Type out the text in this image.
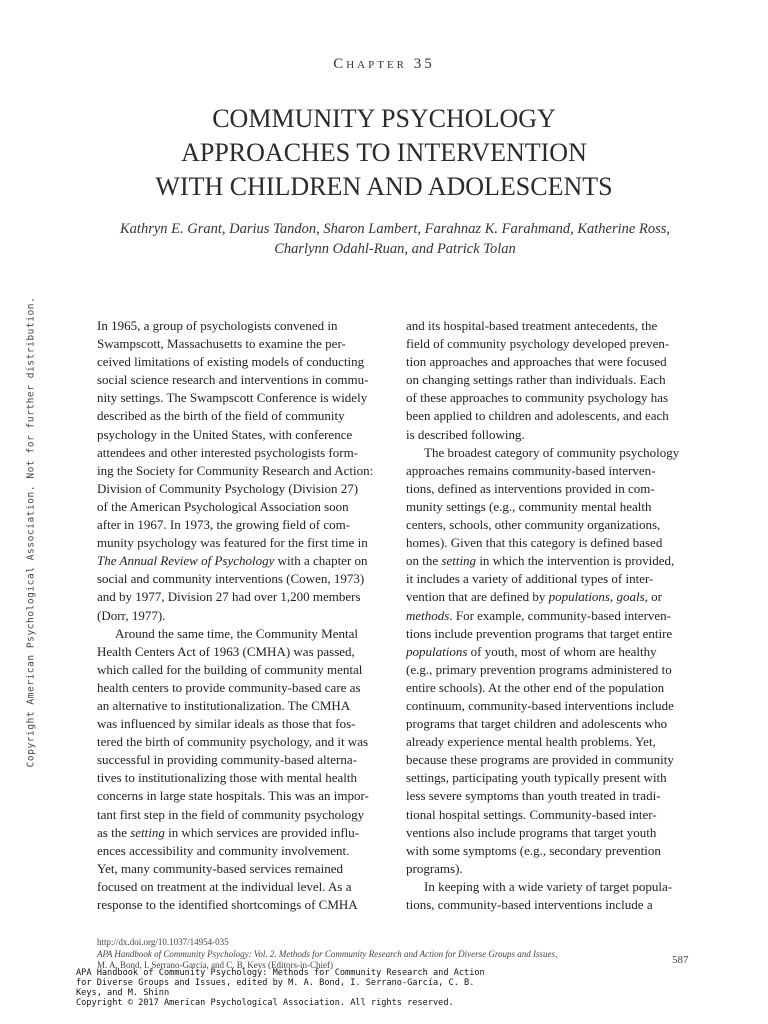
Chapter 35
COMMUNITY PSYCHOLOGY
APPROACHES TO INTERVENTION
WITH CHILDREN AND ADOLESCENTS
Kathryn E. Grant, Darius Tandon, Sharon Lambert, Farahnaz K. Farahmand, Katherine Ross,
Charlynn Odahl-Ruan, and Patrick Tolan
Copyright American Psychological Association. Not for further distribution.	In 1965, a group of psychologists convened in
Swampscott, Massachusetts to examine the per-
ceived limitations of existing models of conducting
social science research and interventions in commu-
nity settings. The Swampscott Conference is widely
described as the birth of the field of community
psychology in the United States, with conference
attendees and other interested psychologists form-
ing the Society for Community Research and Action:
Division of Community Psychology (Division 27)
of the American Psychological Association soon
after in 1967. In 1973, the growing field of com-
munity psychology was featured for the first time in
The Annual Review of Psychology with a chapter on
social and community interventions (Cowen, 1973)
and by 1977, Division 27 had over 1,200 members
(Dorr, 1977).
Around the same time, the Community Mental
Health Centers Act of 1963 (CMHA) was passed,
which called for the building of community mental
health centers to provide community-based care as
an alternative to institutionalization. The CMHA
was influenced by similar ideals as those that fos-
tered the birth of community psychology, and it was
successful in providing community-based alterna-
tives to institutionalizing those with mental health
concerns in large state hospitals. This was an impor-
tant first step in the field of community psychology
as the setting in which services are provided influ-
ences accessibility and community involvement.
Yet, many community-based services remained
focused on treatment at the individual level. As a
response to the identified shortcomings of CMHA
and its hospital-based treatment antecedents, the
field of community psychology developed preven-
tion approaches and approaches that were focused
on changing settings rather than individuals. Each
of these approaches to community psychology has
been applied to children and adolescents, and each
is described following.
The broadest category of community psychology
approaches remains community-based interven-
tions, defined as interventions provided in com-
munity settings (e.g., community mental health
centers, schools, other community organizations,
homes). Given that this category is defined based
on the setting in which the intervention is provided,
it includes a variety of additional types of inter-
vention that are defined by populations, goals, or
methods. For example, community-based interven-
tions include prevention programs that target entire
populations of youth, most of whom are healthy
(e.g., primary prevention programs administered to
entire schools). At the other end of the population
continuum, community-based interventions include
programs that target children and adolescents who
already experience mental health problems. Yet,
because these programs are provided in community
settings, participating youth typically present with
less severe symptoms than youth treated in tradi-
tional hospital settings. Community-based inter-
ventions also include programs that target youth
with some symptoms (e.g., secondary prevention
programs).
In keeping with a wide variety of target popula-
tions, community-based interventions include a
http://dx.doi.org/10.1037/14954-035
APA Handbook of Community Psychology: Vol. 2. Methods for Community Research and Action for Diverse Groups and Issues,
M. A. Bond, I. Serrano-García, and C. B. Keys (Editors-in-Chief)	587
APA Handbook of Community Psychology: Methods for Community Research and Action
for Diverse Groups and Issues, edited by M. A. Bond, I. Serrano-García, C. B.
Keys, and M. Shinn
Copyright © 2017 American Psychological Association. All rights reserved.
